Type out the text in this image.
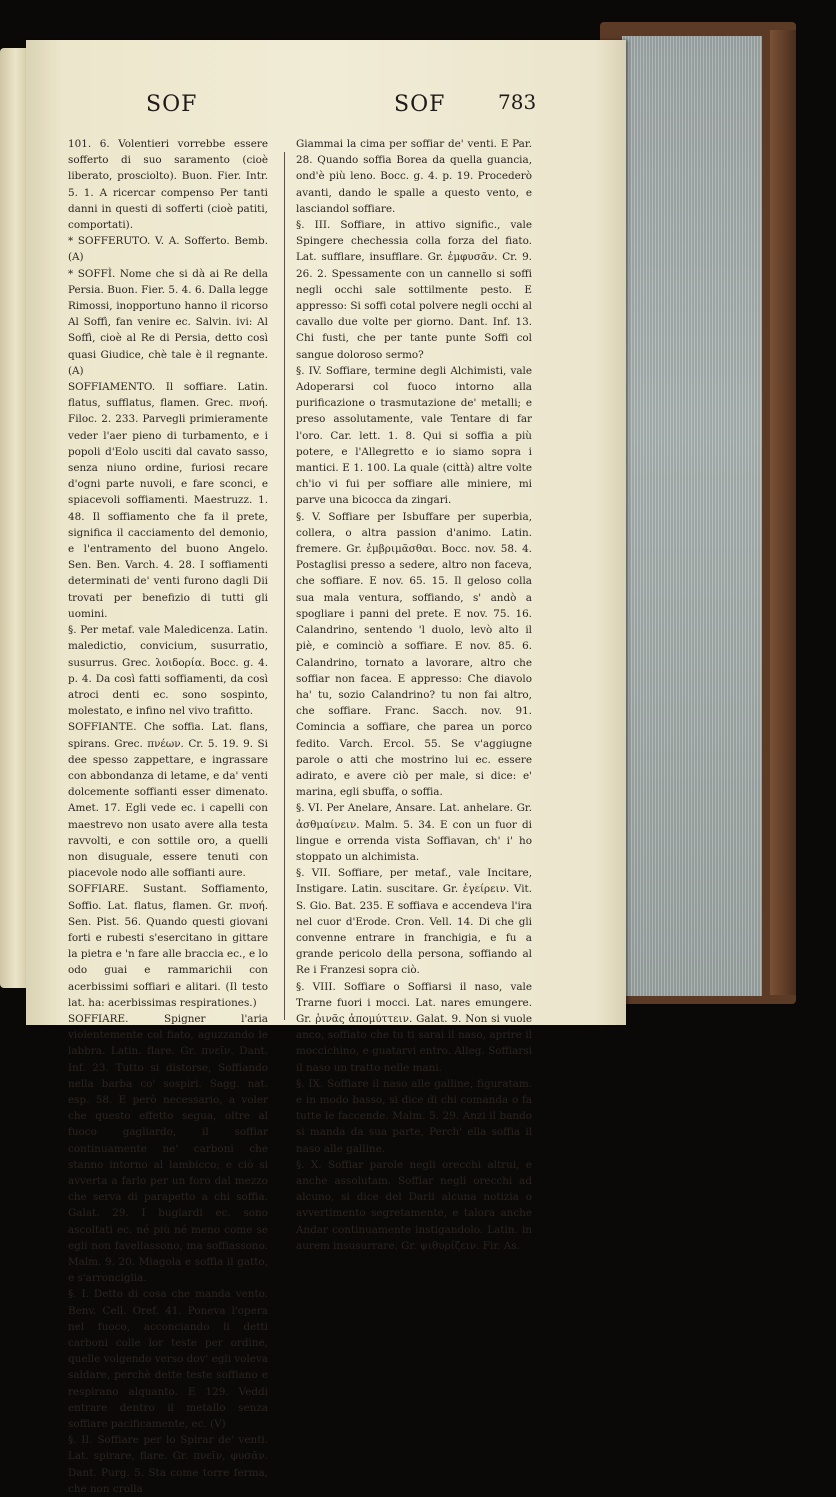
SOF	SOF	783

101. 6. Volentieri vorrebbe essere sofferto di suo saramento (cioè liberato, prosciolto). Buon. Fier. Intr. 5. 1. A ricercar compenso Per tanti danni in questi di sofferti (cioè patiti, comportati).

* SOFFERUTO. V. A. Sofferto. Bemb. (A)

* SOFFÌ. Nome che si dà ai Re della Persia. Buon. Fier. 5. 4. 6. Dalla legge Rimossi, inopportuno hanno il ricorso Al Soffì, fan venire ec. Salvin. ivi: Al Soffì, cioè al Re di Persia, detto così quasi Giudice, chè tale è il regnante. (A)

SOFFIAMENTO. Il soffiare. Latin. flatus, sufflatus, flamen. Grec. πνοή. Filoc. 2. 233. Parvegli primieramente veder l'aer pieno di turbamento, e i popoli d'Eolo usciti dal cavato sasso, senza niuno ordine, furiosi recare d'ogni parte nuvoli, e fare sconci, e spiacevoli soffiamenti. Maestruzz. 1. 48. Il soffiamento che fa il prete, significa il cacciamento del demonio, e l'entramento del buono Angelo. Sen. Ben. Varch. 4. 28. I soffiamenti determinati de' venti furono dagli Dii trovati per benefizio di tutti gli uomini.

§. Per metaf. vale Maledicenza. Latin. maledictio, convicium, susurratio, susurrus. Grec. λοιδορία. Bocc. g. 4. p. 4. Da così fatti soffiamenti, da così atroci denti ec. sono sospinto, molestato, e infino nel vivo trafitto.

SOFFIANTE. Che soffia. Lat. flans, spirans. Grec. πνέων. Cr. 5. 19. 9. Si dee spesso zappettare, e ingrassare con abbondanza di letame, e da' venti dolcemente soffianti esser dimenato. Amet. 17. Egli vede ec. i capelli con maestrevo non usato avere alla testa ravvolti, e con sottile oro, a quelli non disuguale, essere tenuti con piacevole nodo alle soffianti aure.

SOFFIARE. Sustant. Soffiamento, Soffio. Lat. flatus, flamen. Gr. πνοή. Sen. Pist. 56. Quando questi giovani forti e rubesti s'esercitano in gittare la pietra e 'n fare alle braccia ec., e lo odo guai e rammarichii con acerbissimi soffiari e alitari. (Il testo lat. ha: acerbissimas respirationes.)

SOFFIARE. Spigner l'aria violentemente col fiato, aguzzando le labbra. Latin. flare. Gr. πνεῖν. Dant. Inf. 23. Tutto si distorse, Soffiando nella barba co' sospiri. Sagg. nat. esp. 58. E però necessario, a voler che questo effetto segua, oltre al fuoco gagliardo, il soffiar continuamente ne' carboni che stanno intorno al lambicco; e ciò si avverta a farlo per un foro dal mezzo che serva di parapetto a chi soffia. Galat. 29. I bugiardi ec. sono ascoltati ec. né più né meno come se egli non favellassono, ma soffiassono. Malm. 9. 20. Miagola e soffia il gatto, e s'arronciglia.

§. I. Detto di cosa che manda vento. Benv. Cell. Oref. 41. Poneva l'opera nel fuoco, acconciando li detti carboni colle lor teste per ordine, quelle volgendo verso dov' egli voleva saldare, perchè dette teste soffiano e respirano alquanto. E 129. Veddi entrare dentro il metallo senza soffiare pacificamente, ec. (V)

§. II. Soffiare per lo Spirar de' venti. Lat. spirare, flare. Gr. πνεῖν, φυσᾶν. Dant. Purg. 5. Sta come torre ferma, che non crolla

Giammai la cima per soffiar de' venti. E Par. 28. Quando soffia Borea da quella guancia, ond'è più leno. Bocc. g. 4. p. 19. Procederò avanti, dando le spalle a questo vento, e lasciandol soffiare.

§. III. Soffiare, in attivo signific., vale Spingere chechessia colla forza del fiato. Lat. sufflare, insufflare. Gr. ἐμφυσᾶν. Cr. 9. 26. 2. Spessamente con un cannello si soffi negli occhi sale sottilmente pesto. E appresso: Si soffi cotal polvere negli occhi al cavallo due volte per giorno. Dant. Inf. 13. Chi fusti, che per tante punte Soffi col sangue doloroso sermo?

§. IV. Soffiare, termine degli Alchimisti, vale Adoperarsi col fuoco intorno alla purificazione o trasmutazione de' metalli; e preso assolutamente, vale Tentare di far l'oro. Car. lett. 1. 8. Qui si soffia a più potere, e l'Allegretto e io siamo sopra i mantici. E 1. 100. La quale (città) altre volte ch'io vi fui per soffiare alle miniere, mi parve una bicocca da zingari.

§. V. Soffiare per Isbuffare per superbia, collera, o altra passion d'animo. Latin. fremere. Gr. ἐμβριμᾶσθαι. Bocc. nov. 58. 4. Postaglisi presso a sedere, altro non faceva, che soffiare. E nov. 65. 15. Il geloso colla sua mala ventura, soffiando, s' andò a spogliare i panni del prete. E nov. 75. 16. Calandrino, sentendo 'l duolo, levò alto il piè, e cominciò a soffiare. E nov. 85. 6. Calandrino, tornato a lavorare, altro che soffiar non facea. E appresso: Che diavolo ha' tu, sozio Calandrino? tu non fai altro, che soffiare. Franc. Sacch. nov. 91. Comincia a soffiare, che parea un porco fedito. Varch. Ercol. 55. Se v'aggiugne parole o atti che mostrino lui ec. essere adirato, e avere ciò per male, si dice: e' marina, egli sbuffa, o soffia.

§. VI. Per Anelare, Ansare. Lat. anhelare. Gr. ἀσθμαίνειν. Malm. 5. 34. E con un fuor di lingue e orrenda vista Soffiavan, ch' i' ho stoppato un alchimista.

§. VII. Soffiare, per metaf., vale Incitare, Instigare. Latin. suscitare. Gr. ἐγείρειν. Vit. S. Gio. Bat. 235. E soffiava e accendeva l'ira nel cuor d'Erode. Cron. Vell. 14. Di che gli convenne entrare in franchigia, e fu a grande pericolo della persona, soffiando al Re i Franzesi sopra ciò.

§. VIII. Soffiare o Soffiarsi il naso, vale Trarne fuori i mocci. Lat. nares emungere. Gr. ῥινᾶς ἀπομύττειν. Galat. 9. Non si vuole anco, soffiato che tu ti sarai il naso, aprire il moccichino, e guatarvi entro. Alleg. Soffiarsi il naso un tratto nelle mani.

§. IX. Soffiare il naso alle galline, figuratam. e in modo basso, si dice di chi comanda o fa tutte le faccende. Malm. 5. 29. Anzi il bando si manda da sua parte, Perch' ella soffia il naso alle galline.

§. X. Soffiar parole negli orecchi altrui, e anche assolutam. Soffiar negli orecchi ad alcuno, si dice del Darli alcuna notizia o avvertimento segretamente, e talora anche Andar continuamente instigandolo. Latin. in aurem insusurrare. Gr. ψιθυρίζειν. Fir. As.
